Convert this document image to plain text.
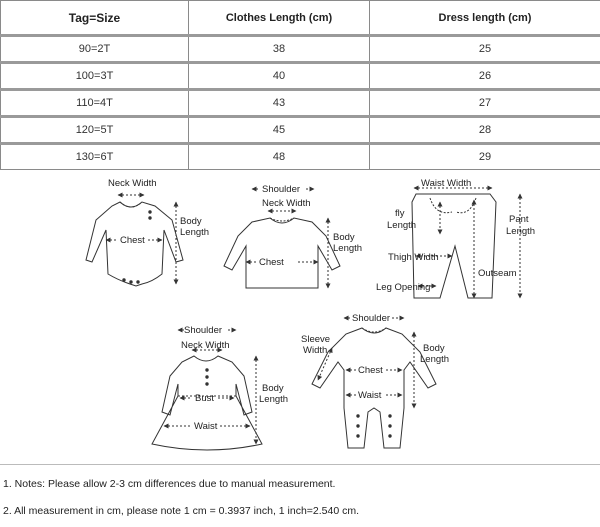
Tag=Size	Clothes Length (cm)	Dress length (cm)
90=2T	38	25
100=3T	40	26
110=4T	43	27
120=5T	45	28
130=6T	48	29
Neck Width
Chest
Body
Length
Shoulder
Neck Width
Chest
Body
Length
Waist Width
fly
Length
Pant
Length
Thigh Width
Outseam
Leg Opening
Shoulder
Neck Width
Bust
Waist
Body
Length
Shoulder
Sleeve
Width
Chest
Waist
Body
Length
1. Notes: Please allow 2-3 cm differences due to manual measurement.
2. All measurement in cm, please note 1 cm = 0.3937 inch, 1 inch=2.540 cm.
